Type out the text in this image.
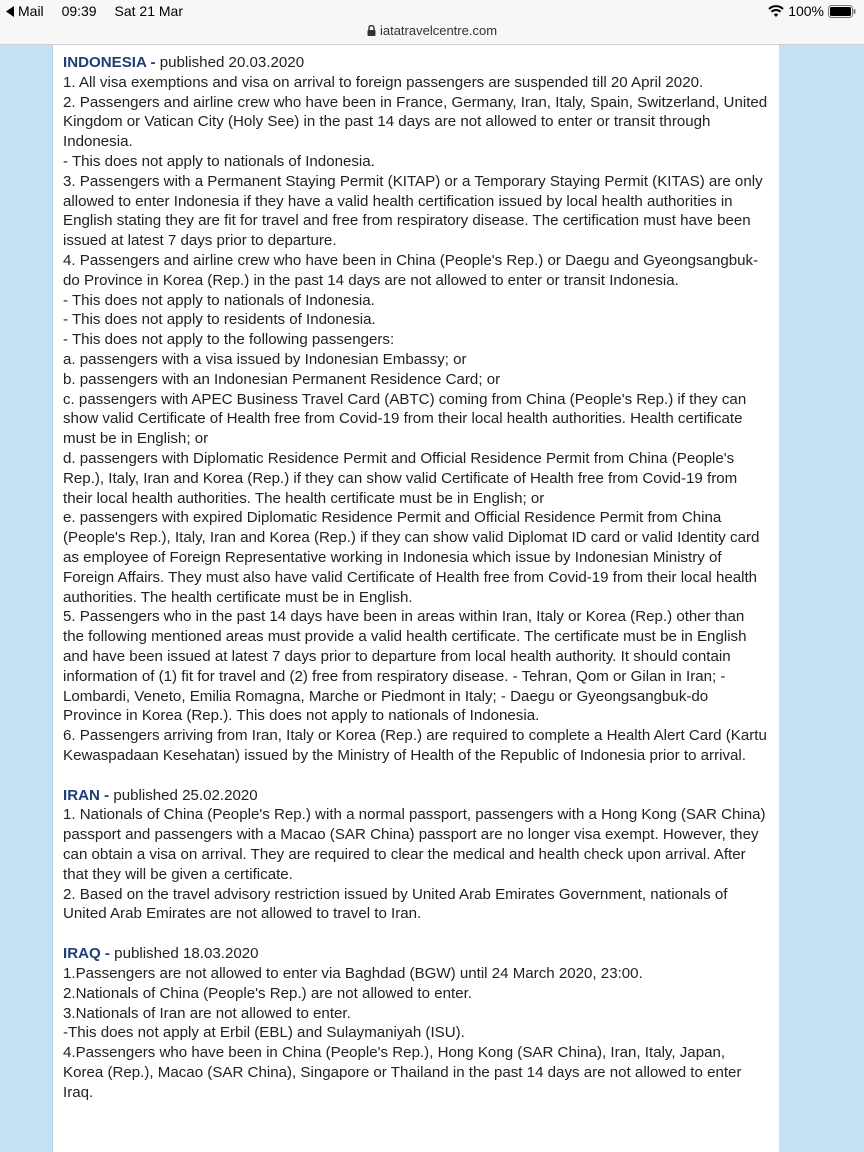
Mail 09:39 Sat 21 Mar	100%
iatatravelcentre.com

INDONESIA - published 20.03.2020

1. All visa exemptions and visa on arrival to foreign passengers are suspended till 20 April 2020.

2. Passengers and airline crew who have been in France, Germany, Iran, Italy, Spain, Switzerland, United Kingdom or Vatican City (Holy See) in the past 14 days are not allowed to enter or transit through Indonesia.

- This does not apply to nationals of Indonesia.

3. Passengers with a Permanent Staying Permit (KITAP) or a Temporary Staying Permit (KITAS) are only allowed to enter Indonesia if they have a valid health certification issued by local health authorities in English stating they are fit for travel and free from respiratory disease. The certification must have been issued at latest 7 days prior to departure.

4. Passengers and airline crew who have been in China (People's Rep.) or Daegu and Gyeongsangbuk-do Province in Korea (Rep.) in the past 14 days are not allowed to enter or transit Indonesia.

- This does not apply to nationals of Indonesia.

- This does not apply to residents of Indonesia.

- This does not apply to the following passengers:

a. passengers with a visa issued by Indonesian Embassy; or

b. passengers with an Indonesian Permanent Residence Card; or

c. passengers with APEC Business Travel Card (ABTC) coming from China (People's Rep.) if they can show valid Certificate of Health free from Covid-19 from their local health authorities. Health certificate must be in English; or

d. passengers with Diplomatic Residence Permit and Official Residence Permit from China (People's Rep.), Italy, Iran and Korea (Rep.) if they can show valid Certificate of Health free from Covid-19 from their local health authorities. The health certificate must be in English; or

e. passengers with expired Diplomatic Residence Permit and Official Residence Permit from China (People's Rep.), Italy, Iran and Korea (Rep.) if they can show valid Diplomat ID card or valid Identity card as employee of Foreign Representative working in Indonesia which issue by Indonesian Ministry of Foreign Affairs. They must also have valid Certificate of Health free from Covid-19 from their local health authorities. The health certificate must be in English.

5. Passengers who in the past 14 days have been in areas within Iran, Italy or Korea (Rep.) other than the following mentioned areas must provide a valid health certificate. The certificate must be in English and have been issued at latest 7 days prior to departure from local health authority. It should contain information of (1) fit for travel and (2) free from respiratory disease. - Tehran, Qom or Gilan in Iran; - Lombardi, Veneto, Emilia Romagna, Marche or Piedmont in Italy; - Daegu or Gyeongsangbuk-do Province in Korea (Rep.). This does not apply to nationals of Indonesia.

6. Passengers arriving from Iran, Italy or Korea (Rep.) are required to complete a Health Alert Card (Kartu Kewaspadaan Kesehatan) issued by the Ministry of Health of the Republic of Indonesia prior to arrival.

IRAN - published 25.02.2020

1. Nationals of China (People's Rep.) with a normal passport, passengers with a Hong Kong (SAR China) passport and passengers with a Macao (SAR China) passport are no longer visa exempt. However, they can obtain a visa on arrival. They are required to clear the medical and health check upon arrival. After that they will be given a certificate.

2. Based on the travel advisory restriction issued by United Arab Emirates Government, nationals of United Arab Emirates are not allowed to travel to Iran.

IRAQ - published 18.03.2020

1.Passengers are not allowed to enter via Baghdad (BGW) until 24 March 2020, 23:00.

2.Nationals of China (People's Rep.) are not allowed to enter.

3.Nationals of Iran are not allowed to enter.

-This does not apply at Erbil (EBL) and Sulaymaniyah (ISU).

4.Passengers who have been in China (People's Rep.), Hong Kong (SAR China), Iran, Italy, Japan, Korea (Rep.), Macao (SAR China), Singapore or Thailand in the past 14 days are not allowed to enter Iraq.
